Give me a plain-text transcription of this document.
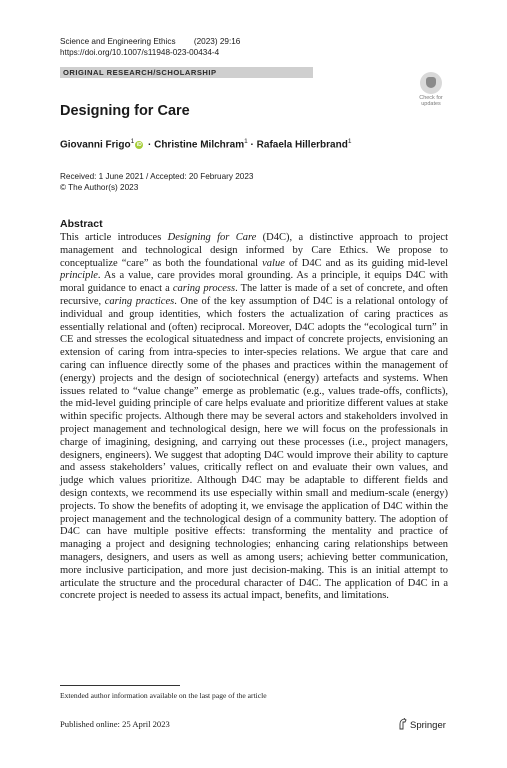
Science and Engineering Ethics (2023) 29:16
https://doi.org/10.1007/s11948-023-00434-4
ORIGINAL RESEARCH/SCHOLARSHIP
Check for
updates
Designing for Care
Giovanni Frigo$^1$iD · Christine Milchram$^1$ · Rafaela Hillerbrand$^1$
Received: 1 June 2021 / Accepted: 20 February 2023
© The Author(s) 2023
Abstract

This article introduces Designing for Care (D4C), a distinctive approach to project management and technological design informed by Care Ethics. We propose to conceptualize “care” as both the foundational value of D4C and as its guiding mid-level principle. As a value, care provides moral grounding. As a principle, it equips D4C with moral guidance to enact a caring process. The latter is made of a set of concrete, and often recursive, caring practices. One of the key assumption of D4C is a relational ontology of individual and group identities, which fosters the actualization of caring practices as essentially relational and (often) reciprocal. Moreover, D4C adopts the “ecological turn” in CE and stresses the ecological situatedness and impact of concrete projects, envisioning an extension of caring from intra-species to inter-species relations. We argue that care and caring can influence directly some of the phases and practices within the management of (energy) projects and the design of sociotechnical (energy) artefacts and systems. When issues related to “value change” emerge as problematic (e.g., values trade-offs, conflicts), the mid-level guiding principle of care helps evaluate and prioritize different values at stake within specific projects. Although there may be several actors and stakeholders involved in project management and technological design, here we will focus on the professionals in charge of imagining, designing, and carrying out these processes (i.e., project managers, designers, engineers). We suggest that adopting D4C would improve their ability to capture and assess stakeholders’ values, critically reflect on and evaluate their own values, and judge which values prioritize. Although D4C may be adaptable to different fields and design contexts, we recommend its use especially within small and medium-scale (energy) projects. To show the benefits of adopting it, we envisage the application of D4C within the project management and the technological design of a community battery. The adoption of D4C can have multiple positive effects: transforming the mentality and practice of managing a project and designing technologies; enhancing caring relationships between managers, designers, and users as well as among users; achieving better communication, more inclusive participation, and more just decision-making. This is an initial attempt to articulate the structure and the procedural character of D4C. The application of D4C in a concrete project is needed to assess its actual impact, benefits, and limitations.

Extended author information available on the last page of the article
Published online: 25 April 2023	Springer
